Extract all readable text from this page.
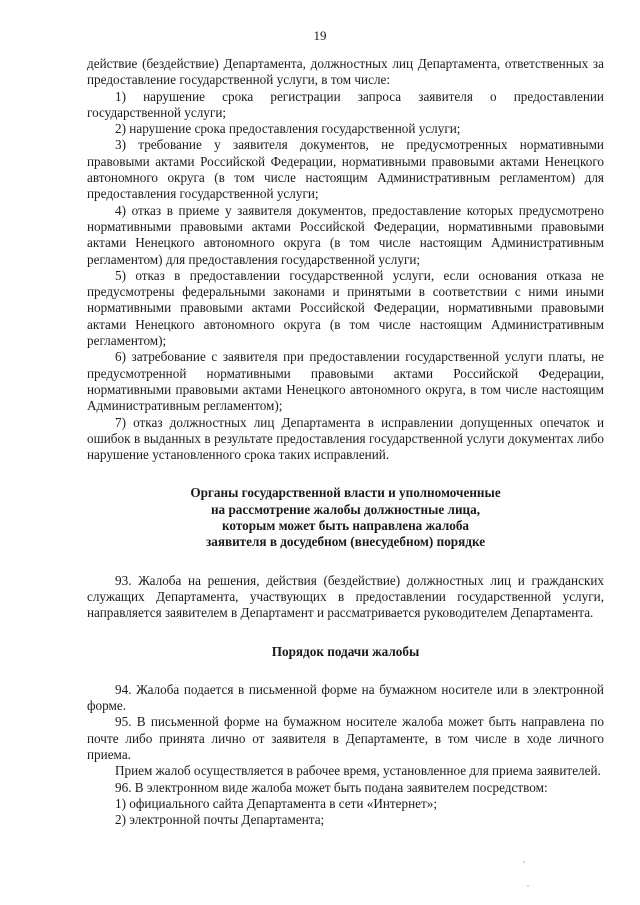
19

действие (бездействие) Департамента, должностных лиц Департамента, ответственных за предоставление государственной услуги, в том числе:

1) нарушение срока регистрации запроса заявителя о предоставлении государственной услуги;

2) нарушение срока предоставления государственной услуги;

3) требование у заявителя документов, не предусмотренных нормативными правовыми актами Российской Федерации, нормативными правовыми актами Ненецкого автономного округа (в том числе настоящим Административным регламентом) для предоставления государственной услуги;

4) отказ в приеме у заявителя документов, предоставление которых предусмотрено нормативными правовыми актами Российской Федерации, нормативными правовыми актами Ненецкого автономного округа (в том числе настоящим Административным регламентом) для предоставления государственной услуги;

5) отказ в предоставлении государственной услуги, если основания отказа не предусмотрены федеральными законами и принятыми в соответствии с ними иными нормативными правовыми актами Российской Федерации, нормативными правовыми актами Ненецкого автономного округа (в том числе настоящим Административным регламентом);

6) затребование с заявителя при предоставлении государственной услуги платы, не предусмотренной нормативными правовыми актами Российской Федерации, нормативными правовыми актами Ненецкого автономного округа, в том числе настоящим Административным регламентом);

7) отказ должностных лиц Департамента в исправлении допущенных опечаток и ошибок в выданных в результате предоставления государственной услуги документах либо нарушение установленного срока таких исправлений.

Органы государственной власти и уполномоченные

на рассмотрение жалобы должностные лица,

которым может быть направлена жалоба

заявителя в досудебном (внесудебном) порядке

93. Жалоба на решения, действия (бездействие) должностных лиц и гражданских служащих Департамента, участвующих в предоставлении государственной услуги, направляется заявителем в Департамент и рассматривается руководителем Департамента.

Порядок подачи жалобы

94. Жалоба подается в письменной форме на бумажном носителе или в электронной форме.

95. В письменной форме на бумажном носителе жалоба может быть направлена по почте либо принята лично от заявителя в Департаменте, в том числе в ходе личного приема.

Прием жалоб осуществляется в рабочее время, установленное для приема заявителей.

96. В электронном виде жалоба может быть подана заявителем посредством:

1) официального сайта Департамента в сети «Интернет»;

2) электронной почты Департамента;
